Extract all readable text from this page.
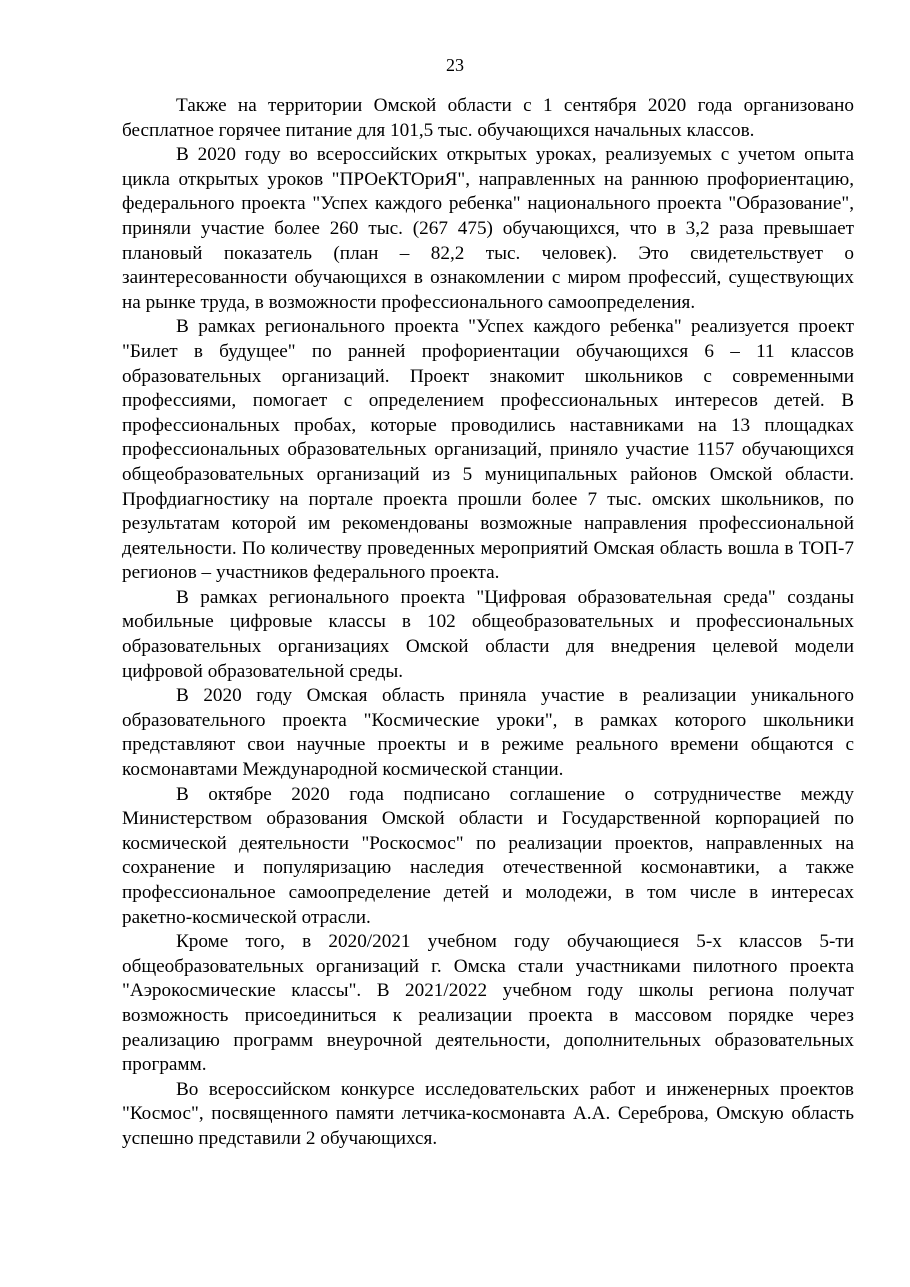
23

Также на территории Омской области с 1 сентября 2020 года организовано бесплатное горячее питание для 101,5 тыс. обучающихся начальных классов.

В 2020 году во всероссийских открытых уроках, реализуемых с учетом опыта цикла открытых уроков "ПРОеКТОриЯ", направленных на раннюю профориентацию, федерального проекта "Успех каждого ребенка" национального проекта "Образование", приняли участие более 260 тыс. (267 475) обучающихся, что в 3,2 раза превышает плановый показатель (план – 82,2 тыс. человек). Это свидетельствует о заинтересованности обучающихся в ознакомлении с миром профессий, существующих на рынке труда, в возможности профессионального самоопределения.

В рамках регионального проекта "Успех каждого ребенка" реализуется проект "Билет в будущее" по ранней профориентации обучающихся 6 – 11 классов образовательных организаций. Проект знакомит школьников с современными профессиями, помогает с определением профессиональных интересов детей. В профессиональных пробах, которые проводились наставниками на 13 площадках профессиональных образовательных организаций, приняло участие 1157 обучающихся общеобразовательных организаций из 5 муниципальных районов Омской области. Профдиагностику на портале проекта прошли более 7 тыс. омских школьников, по результатам которой им рекомендованы возможные направления профессиональной деятельности. По количеству проведенных мероприятий Омская область вошла в ТОП-7 регионов – участников федерального проекта.

В рамках регионального проекта "Цифровая образовательная среда" созданы мобильные цифровые классы в 102 общеобразовательных и профессиональных образовательных организациях Омской области для внедрения целевой модели цифровой образовательной среды.

В 2020 году Омская область приняла участие в реализации уникального образовательного проекта "Космические уроки", в рамках которого школьники представляют свои научные проекты и в режиме реального времени общаются с космонавтами Международной космической станции.

В октябре 2020 года подписано соглашение о сотрудничестве между Министерством образования Омской области и Государственной корпорацией по космической деятельности "Роскосмос" по реализации проектов, направленных на сохранение и популяризацию наследия отечественной космонавтики, а также профессиональное самоопределение детей и молодежи, в том числе в интересах ракетно-космической отрасли.

Кроме того, в 2020/2021 учебном году обучающиеся 5-х классов 5-ти общеобразовательных организаций г. Омска стали участниками пилотного проекта "Аэрокосмические классы". В 2021/2022 учебном году школы региона получат возможность присоединиться к реализации проекта в массовом порядке через реализацию программ внеурочной деятельности, дополнительных образовательных программ.

Во всероссийском конкурсе исследовательских работ и инженерных проектов "Космос", посвященного памяти летчика-космонавта А.А. Сереброва, Омскую область успешно представили 2 обучающихся.
